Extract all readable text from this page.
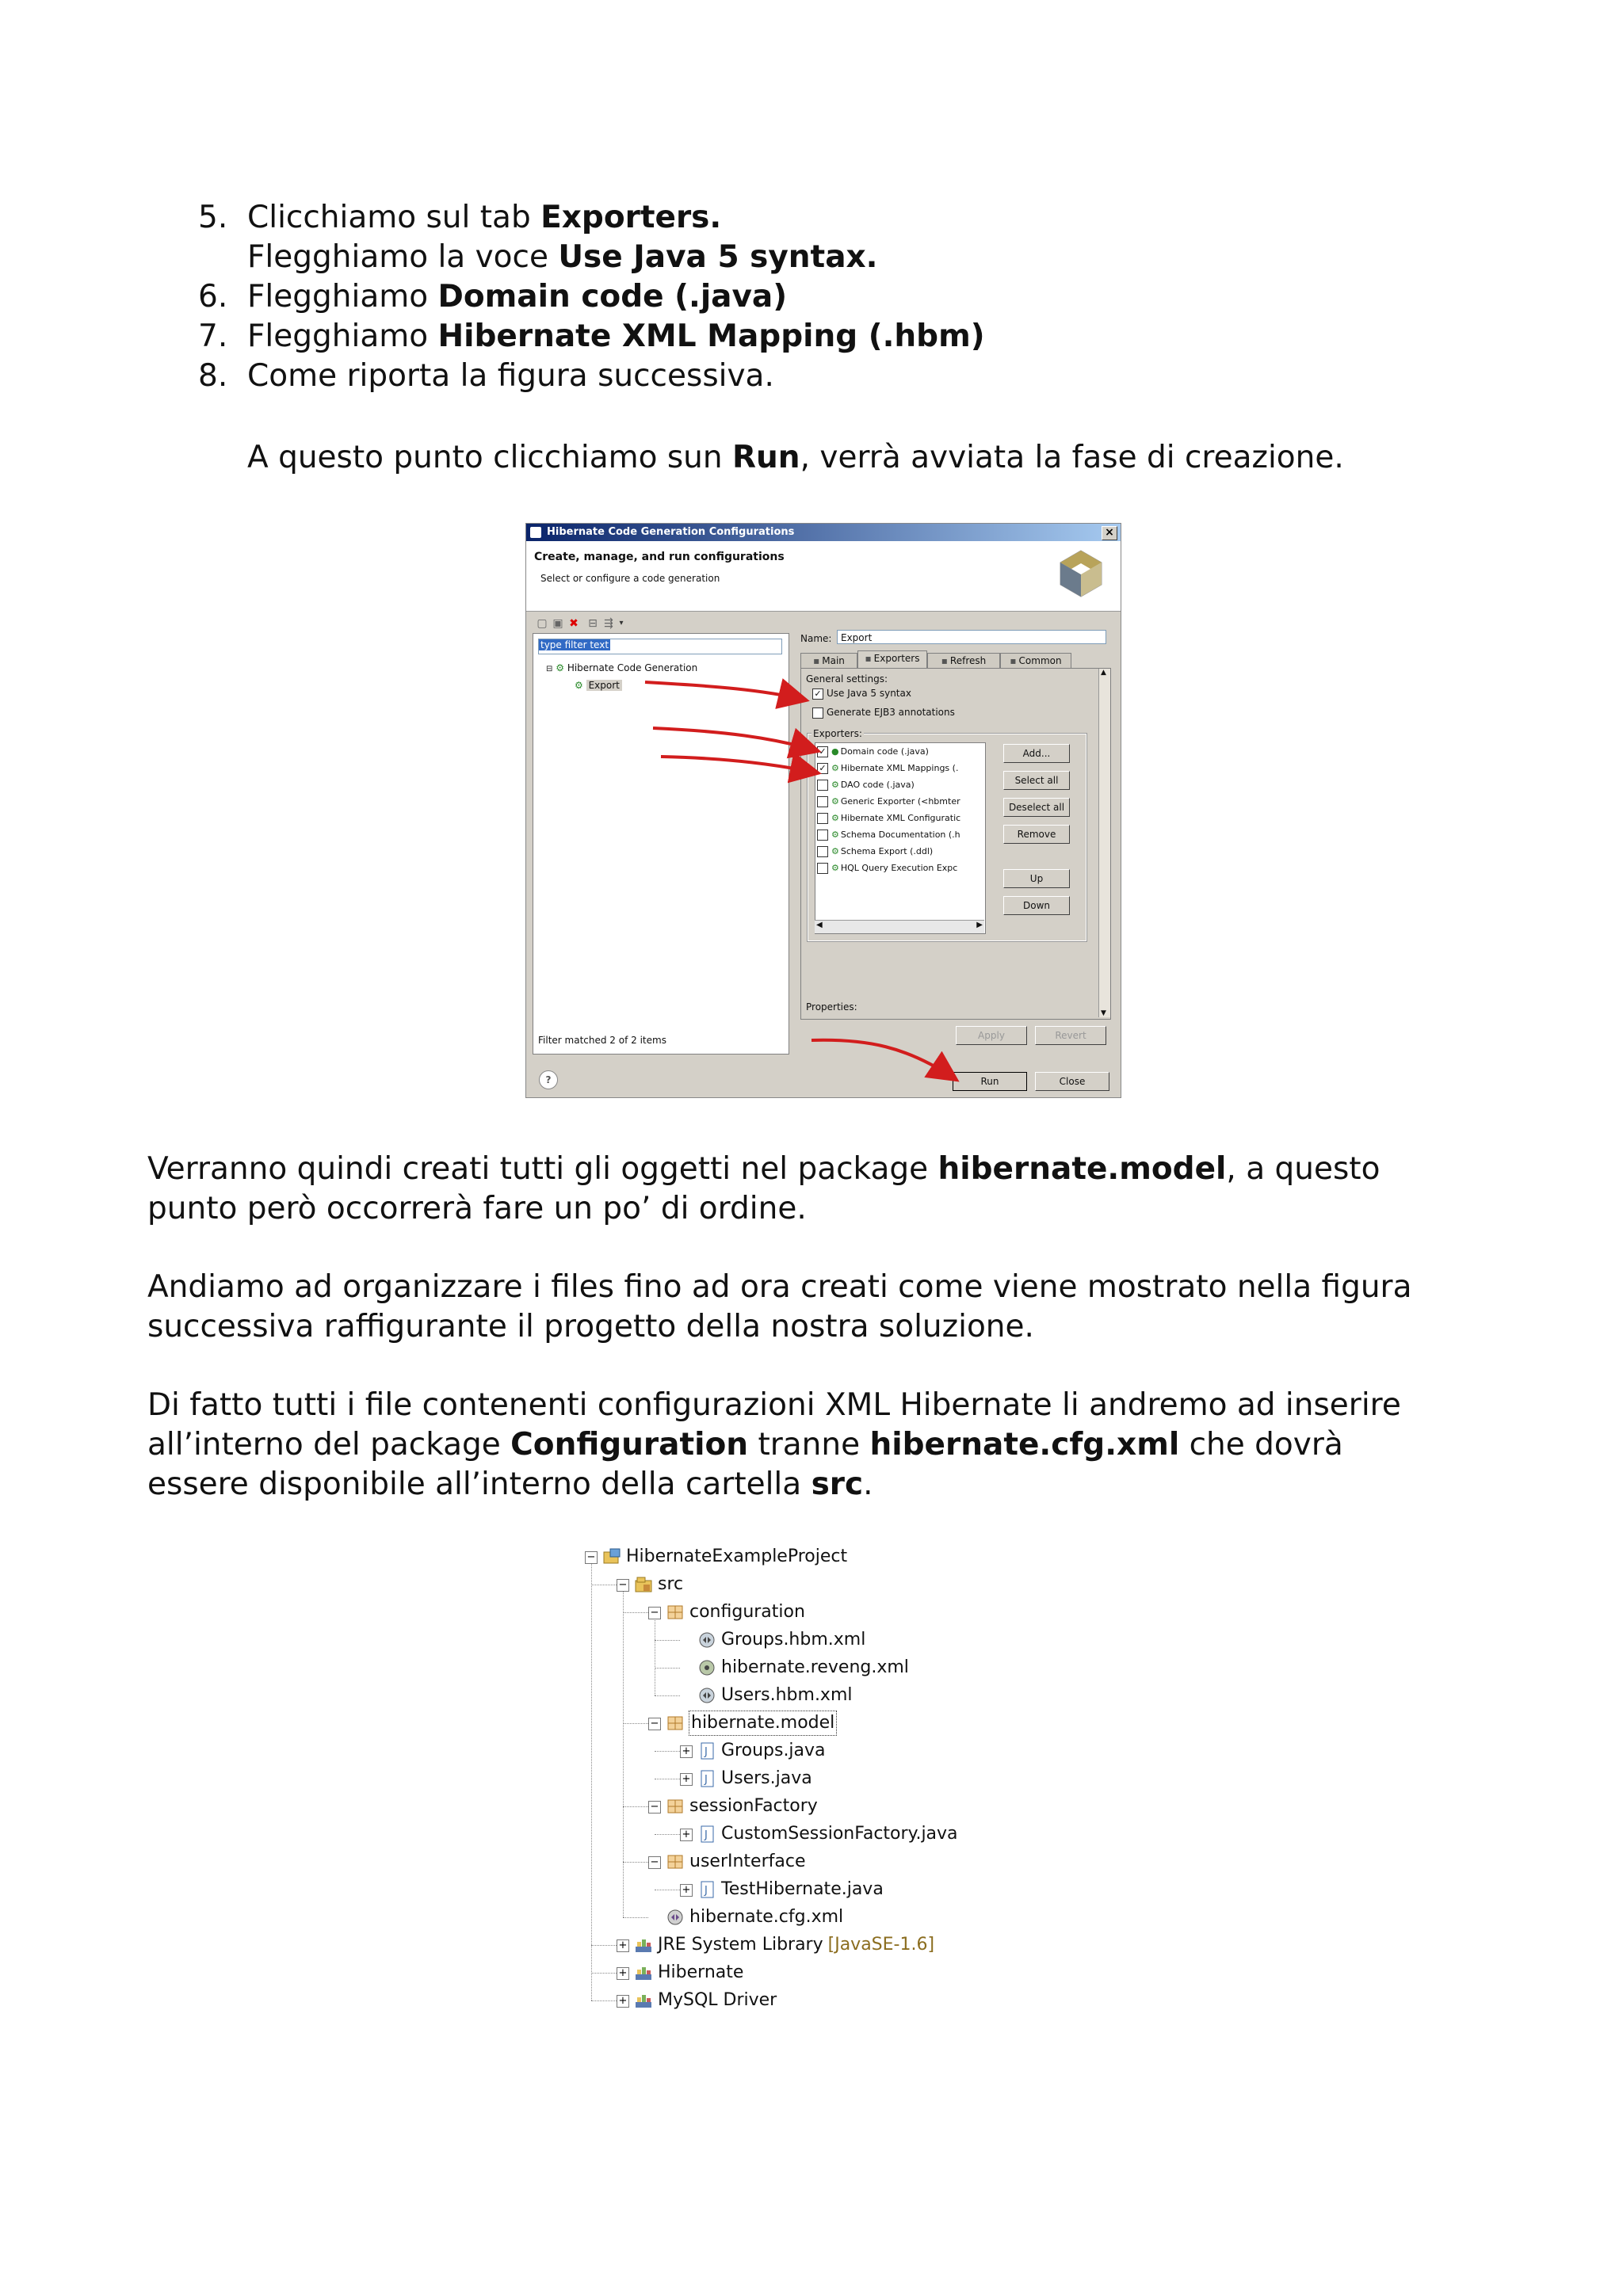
5. Clicchiamo sul tab Exporters.
Flegghiamo la voce Use Java 5 syntax.
6. Flegghiamo Domain code (.java)
7. Flegghiamo Hibernate XML Mapping (.hbm)
8. Come riporta la figura successiva.
A questo punto clicchiamo sun Run, verrà avviata la fase di creazione.
Hibernate Code Generation Configurations	×
Create, manage, and run configurations
Select or configure a code generation
▢ ▣ ✖ ⊟ ⇶ ▾
type filter text
⊟ ⚙ Hibernate Code Generation
⚙ Export
Filter matched 2 of 2 items
Name: Export
▪ Main	▪ Exporters	▪ Refresh	▪ Common
General settings:
✓ Use Java 5 syntax
Generate EJB3 annotations
Exporters:
✓ ● Domain code (.java)
✓ ⚙ Hibernate XML Mappings (.
⚙ DAO code (.java)
⚙ Generic Exporter (<hbmter
⚙ Hibernate XML Configuratic
⚙ Schema Documentation (.h
⚙ Schema Export (.ddl)
⚙ HQL Query Execution Expc
◀	▶
Add...
Select all
Deselect all
Remove
Up
Down
Properties:
▲
▼
Apply	Revert
?	Run	Close
Verranno quindi creati tutti gli oggetti nel package hibernate.model, a questo
punto però occorrerà fare un po’ di ordine.
Andiamo ad organizzare i files fino ad ora creati come viene mostrato nella figura
successiva raffigurante il progetto della nostra soluzione.
Di fatto tutti i file contenenti configurazioni XML Hibernate li andremo ad inserire
all’interno del package Configuration tranne hibernate.cfg.xml che dovrà
essere disponibile all’interno della cartella src.
− HibernateExampleProject
− src
− configuration
Groups.hbm.xml
hibernate.reveng.xml
Users.hbm.xml
− hibernate.model
+ J Groups.java
+ J Users.java
− sessionFactory
+ J CustomSessionFactory.java
− userInterface
+ J TestHibernate.java
hibernate.cfg.xml
+ JRE System Library [JavaSE-1.6]
+ Hibernate
+ MySQL Driver
